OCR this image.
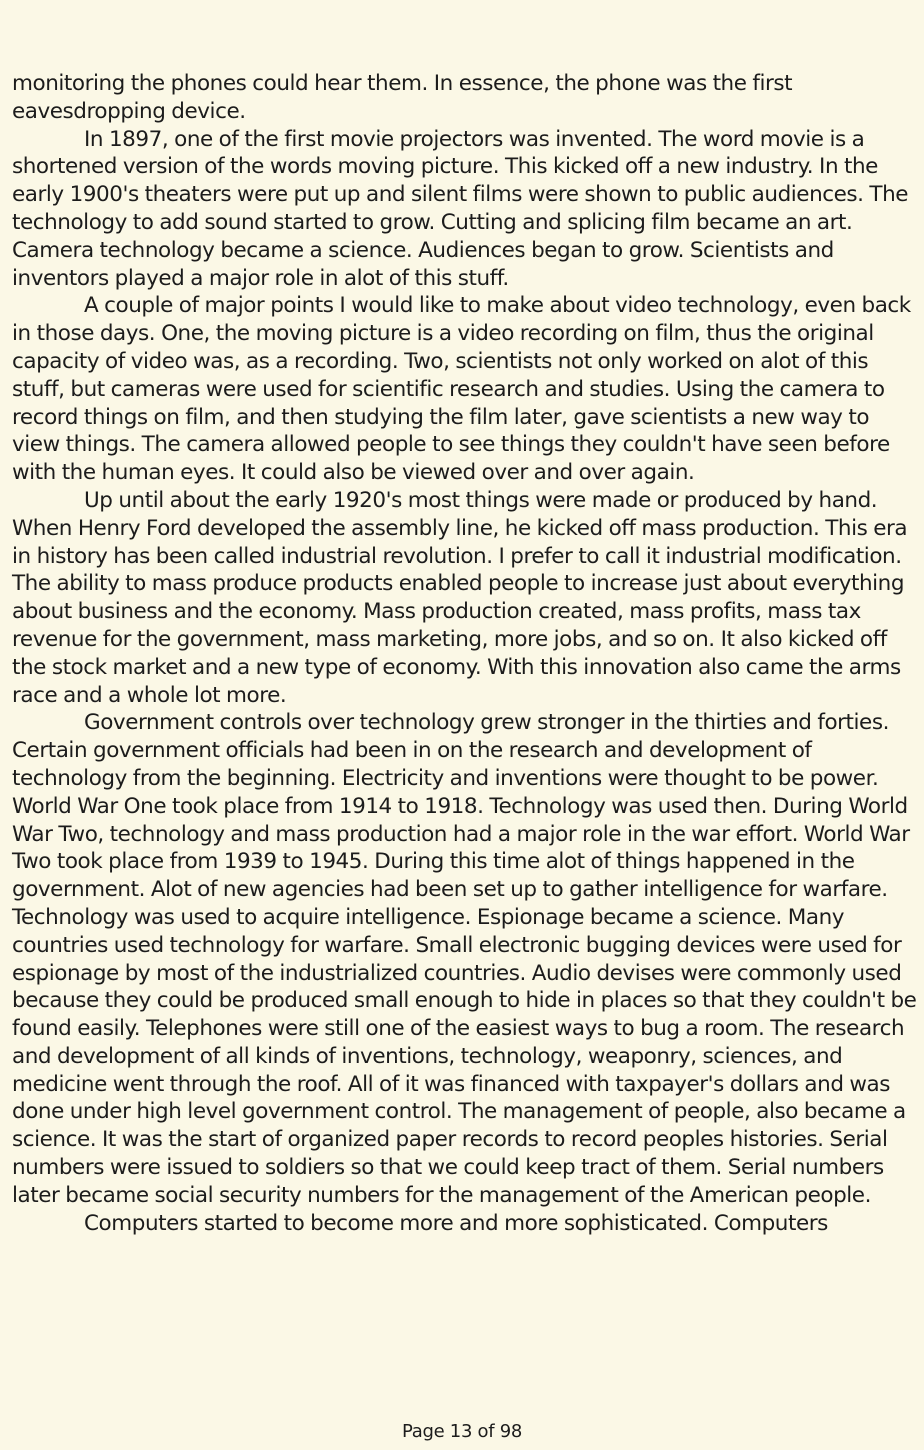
monitoring the phones could hear them. In essence, the phone was the first eavesdropping device.

In 1897, one of the first movie projectors was invented. The word movie is a shortened version of the words moving picture. This kicked off a new industry. In the early 1900's theaters were put up and silent films were shown to public audiences. The technology to add sound started to grow. Cutting and splicing film became an art. Camera technology became a science. Audiences began to grow. Scientists and inventors played a major role in alot of this stuff.

A couple of major points I would like to make about video technology, even back in those days. One, the moving picture is a video recording on film, thus the original capacity of video was, as a recording. Two, scientists not only worked on alot of this stuff, but cameras were used for scientific research and studies. Using the camera to record things on film, and then studying the film later, gave scientists a new way to view things. The camera allowed people to see things they couldn't have seen before with the human eyes. It could also be viewed over and over again.

Up until about the early 1920's most things were made or produced by hand. When Henry Ford developed the assembly line, he kicked off mass production. This era in history has been called industrial revolution. I prefer to call it industrial modification. The ability to mass produce products enabled people to increase just about everything about business and the economy. Mass production created, mass profits, mass tax revenue for the government, mass marketing, more jobs, and so on. It also kicked off the stock market and a new type of economy. With this innovation also came the arms race and a whole lot more.

Government controls over technology grew stronger in the thirties and forties. Certain government officials had been in on the research and development of technology from the beginning. Electricity and inventions were thought to be power. World War One took place from 1914 to 1918. Technology was used then. During World War Two, technology and mass production had a major role in the war effort. World War Two took place from 1939 to 1945. During this time alot of things happened in the government. Alot of new agencies had been set up to gather intelligence for warfare. Technology was used to acquire intelligence. Espionage became a science. Many countries used technology for warfare. Small electronic bugging devices were used for espionage by most of the industrialized countries. Audio devises were commonly used because they could be produced small enough to hide in places so that they couldn't be found easily. Telephones were still one of the easiest ways to bug a room. The research and development of all kinds of inventions, technology, weaponry, sciences, and medicine went through the roof. All of it was financed with taxpayer's dollars and was done under high level government control. The management of people, also became a science. It was the start of organized paper records to record peoples histories. Serial numbers were issued to soldiers so that we could keep tract of them. Serial numbers later became social security numbers for the management of the American people.

Computers started to become more and more sophisticated. Computers

Page 13 of 98
